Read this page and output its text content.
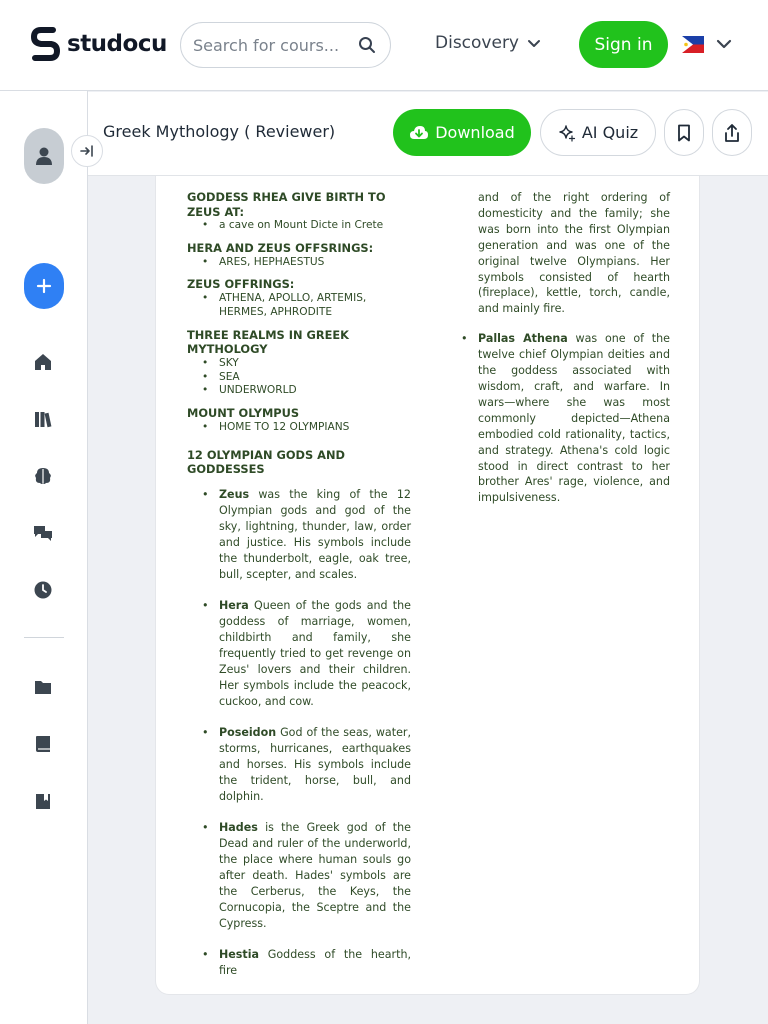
studocu
Search for cours...	Discovery	Sign in
Greek Mythology ( Reviewer)	Download	AI Quiz
GODDESS RHEA GIVE BIRTH TO ZEUS AT:
• a cave on Mount Dicte in Crete
HERA AND ZEUS OFFSRINGS:
• ARES, HEPHAESTUS
ZEUS OFFRINGS:
• ATHENA, APOLLO, ARTEMIS, HERMES, APHRODITE
THREE REALMS IN GREEK MYTHOLOGY
• SKY
• SEA
• UNDERWORLD
MOUNT OLYMPUS
• HOME TO 12 OLYMPIANS
12 OLYMPIAN GODS AND GODDESSES
• Zeus was the king of the 12 Olympian gods and god of the sky, lightning, thunder, law, order and justice. His symbols include the thunderbolt, eagle, oak tree, bull, scepter, and scales.
• Hera Queen of the gods and the goddess of marriage, women, childbirth and family, she frequently tried to get revenge on Zeus' lovers and their children. Her symbols include the peacock, cuckoo, and cow.
• Poseidon God of the seas, water, storms, hurricanes, earthquakes and horses. His symbols include the trident, horse, bull, and dolphin.
• Hades is the Greek god of the Dead and ruler of the underworld, the place where human souls go after death. Hades' symbols are the Cerberus, the Keys, the Cornucopia, the Sceptre and the Cypress.
• Hestia Goddess of the hearth, fire
and of the right ordering of domesticity and the family; she was born into the first Olympian generation and was one of the original twelve Olympians. Her symbols consisted of hearth (fireplace), kettle, torch, candle, and mainly fire.
• Pallas Athena was one of the twelve chief Olympian deities and the goddess associated with wisdom, craft, and warfare. In wars—where she was most commonly depicted—Athena embodied cold rationality, tactics, and strategy. Athena's cold logic stood in direct contrast to her brother Ares' rage, violence, and impulsiveness.
